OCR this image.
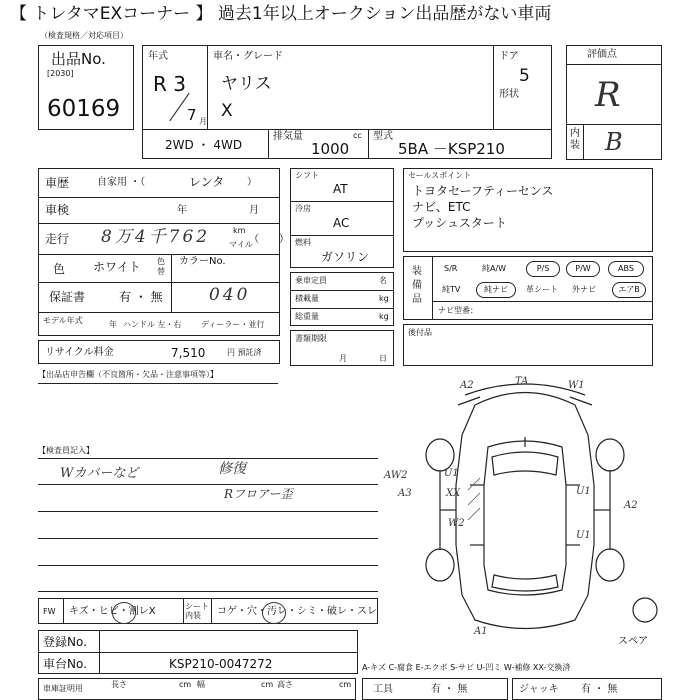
【 トレタマEXコーナー 】 過去1年以上オークション出品歴がない車両
（検査規格／対応項目）
出品No.
[2030]
60169
年式
R 3
7 月
車名・グレード
ヤリス
X
ドア
5
形状
評価点
R
内装 B
2WD ・ 4WD
排気量	cc
1000
型式
5BA －KSP210
車歴	自家用 ・（	レンタ ）
車検	年	月
走行 8万4千762	km
マイル
（　　）
色 ホワイト 色替
カラーNo.
040
保証書	有 ・ 無
モデル年式	年 ハンドル 左・右 ディーラー・並行
リサイクル料金	7,510	円 預託済
シフト
AT
冷房
AC
燃料
ガソリン
乗車定員	名
積載量	kg
総重量	kg
書類期限
月	日
セールスポイント
トヨタセーフティーセンス
ナビ、ETC
プッシュスタート
装備品
S/R	純A/W	P/S	P/W	ABS
純TV	純ナビ	革シート 外ナビ	エアB
ナビ型番：
後付品
【出品店申告欄（不良箇所・欠品・注意事項等）】
【検査員記入】
Wカバーなど	修復
Rフロアー歪
A2	TA	W1
AW2
A3	XX
W2
U1
U1
U1
A2
A1
スペア
FW キズ・ヒビ・割レX	シート内装	コゲ・穴・汚レ・シミ・破レ・スレ
登録No.
車台No.	KSP210-0047272	A-キズ C-腐食 E-エクボ S-サビ U-凹ミ W-補修 XX-交換済
車庫証明用	長さ	cm 幅	cm 高さ	cm 工具	有 ・ 無	ジャッキ 有 ・ 無
